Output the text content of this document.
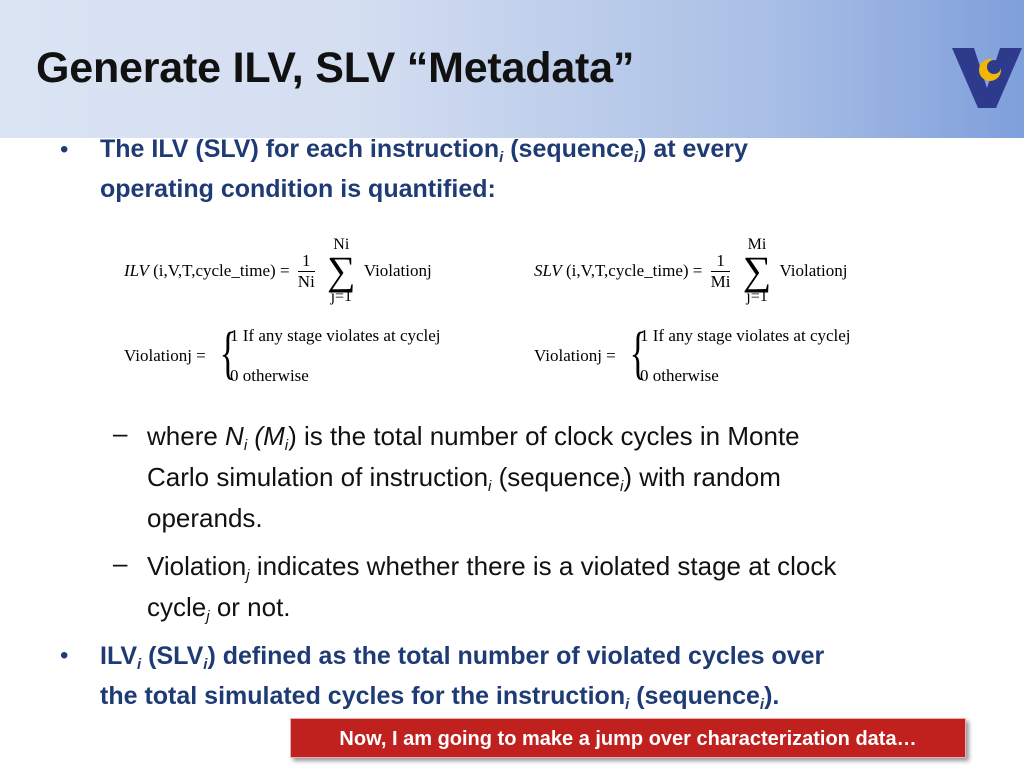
Generate ILV, SLV “Metadata”
• The ILV (SLV) for each instruction$_i$ (sequence$_i$) at every
operating condition is quantified:
ILV (i,V,T,cycle_time) = $\frac{1}{Ni}$

Ni
∑
j=1
Violationj	SLV (i,V,T,cycle_time) = $\frac{1}{Mi}$

Mi
∑
j=1
Violationj
Violationj = {
1 If any stage violates at cyclej
0 otherwise
Violationj = {
1 If any stage violates at cyclej
0 otherwise
– where $N_i$ $(M_i)$ is the total number of clock cycles in Monte
Carlo simulation of instruction$_i$ (sequence$_i$) with random
operands.
– Violation$_j$ indicates whether there is a violated stage at clock
cycle$_j$ or not.
• $ILV_i$ $(SLV_i)$ defined as the total number of violated cycles over
the total simulated cycles for the instruction$_i$ (sequence$_i$).
Now, I am going to make a jump over characterization data…
